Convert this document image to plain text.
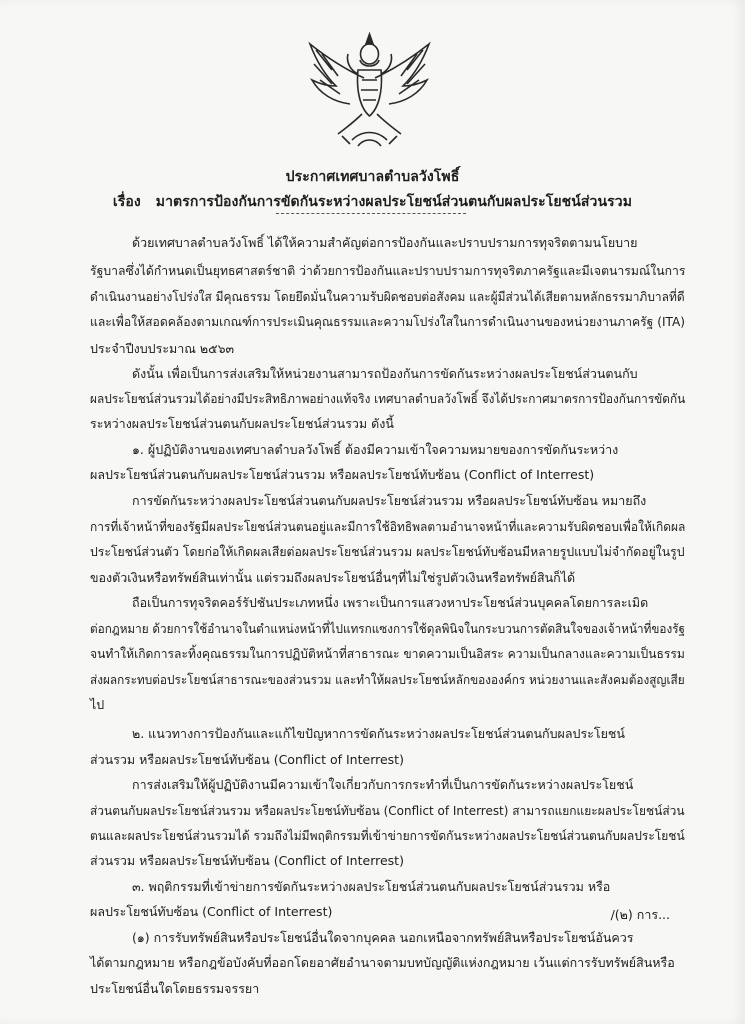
ประกาศเทศบาลตำบลวังโพธิ์
เรื่อง   มาตรการป้องกันการขัดกันระหว่างผลประโยชน์ส่วนตนกับผลประโยชน์ส่วนรวม
ด้วยเทศบาลตำบลวังโพธิ์ ได้ให้ความสำคัญต่อการป้องกันและปราบปรามการทุจริตตามนโยบาย
รัฐบาลซึ่งได้กำหนดเป็นยุทธศาสตร์ชาติ ว่าด้วยการป้องกันและปราบปรามการทุจริตภาครัฐและมีเจตนารมณ์ในการ
ดำเนินงานอย่างโปร่งใส มีคุณธรรม โดยยึดมั่นในความรับผิดชอบต่อสังคม และผู้มีส่วนได้เสียตามหลักธรรมาภิบาลที่ดี
และเพื่อให้สอดคล้องตามเกณฑ์การประเมินคุณธรรมและความโปร่งใสในการดำเนินงานของหน่วยงานภาครัฐ (ITA)
ประจำปีงบประมาณ ๒๕๖๓
ดังนั้น เพื่อเป็นการส่งเสริมให้หน่วยงานสามารถป้องกันการขัดกันระหว่างผลประโยชน์ส่วนตนกับ
ผลประโยชน์ส่วนรวมได้อย่างมีประสิทธิภาพอย่างแท้จริง เทศบาลตำบลวังโพธิ์ จึงได้ประกาศมาตรการป้องกันการขัดกัน
ระหว่างผลประโยชน์ส่วนตนกับผลประโยชน์ส่วนรวม ดังนี้
๑. ผู้ปฏิบัติงานของเทศบาลตำบลวังโพธิ์ ต้องมีความเข้าใจความหมายของการขัดกันระหว่าง
ผลประโยชน์ส่วนตนกับผลประโยชน์ส่วนรวม หรือผลประโยชน์ทับซ้อน (Conflict of Interrest)
การขัดกันระหว่างผลประโยชน์ส่วนตนกับผลประโยชน์ส่วนรวม หรือผลประโยชน์ทับซ้อน หมายถึง
การที่เจ้าหน้าที่ของรัฐมีผลประโยชน์ส่วนตนอยู่และมีการใช้อิทธิพลตามอำนาจหน้าที่และความรับผิดชอบเพื่อให้เกิดผล
ประโยชน์ส่วนตัว โดยก่อให้เกิดผลเสียต่อผลประโยชน์ส่วนรวม ผลประโยชน์ทับซ้อนมีหลายรูปแบบไม่จำกัดอยู่ในรูป
ของตัวเงินหรือทรัพย์สินเท่านั้น แต่รวมถึงผลประโยชน์อื่นๆที่ไม่ใช่รูปตัวเงินหรือทรัพย์สินก็ได้
ถือเป็นการทุจริตคอร์รัปชันประเภทหนึ่ง เพราะเป็นการแสวงหาประโยชน์ส่วนบุคคลโดยการละเมิด
ต่อกฎหมาย ด้วยการใช้อำนาจในตำแหน่งหน้าที่ไปแทรกแซงการใช้ดุลพินิจในกระบวนการตัดสินใจของเจ้าหน้าที่ของรัฐ
จนทำให้เกิดการละทิ้งคุณธรรมในการปฏิบัติหน้าที่สาธารณะ ขาดความเป็นอิสระ ความเป็นกลางและความเป็นธรรม
ส่งผลกระทบต่อประโยชน์สาธารณะของส่วนรวม และทำให้ผลประโยชน์หลักขององค์กร หน่วยงานและสังคมต้องสูญเสีย
ไป
๒. แนวทางการป้องกันและแก้ไขปัญหาการขัดกันระหว่างผลประโยชน์ส่วนตนกับผลประโยชน์
ส่วนรวม หรือผลประโยชน์ทับซ้อน (Conflict of Interrest)
การส่งเสริมให้ผู้ปฏิบัติงานมีความเข้าใจเกี่ยวกับการกระทำที่เป็นการขัดกันระหว่างผลประโยชน์
ส่วนตนกับผลประโยชน์ส่วนรวม หรือผลประโยชน์ทับซ้อน (Conflict of Interrest) สามารถแยกแยะผลประโยชน์ส่วน
ตนและผลประโยชน์ส่วนรวมได้ รวมถึงไม่มีพฤติกรรมที่เข้าข่ายการขัดกันระหว่างผลประโยชน์ส่วนตนกับผลประโยชน์
ส่วนรวม หรือผลประโยชน์ทับซ้อน (Conflict of Interrest)
๓. พฤติกรรมที่เข้าข่ายการขัดกันระหว่างผลประโยชน์ส่วนตนกับผลประโยชน์ส่วนรวม หรือ
ผลประโยชน์ทับซ้อน (Conflict of Interrest)
(๑) การรับทรัพย์สินหรือประโยชน์อื่นใดจากบุคคล นอกเหนือจากทรัพย์สินหรือประโยชน์อันควร
ได้ตามกฎหมาย หรือกฎข้อบังคับที่ออกโดยอาศัยอำนาจตามบทบัญญัติแห่งกฎหมาย เว้นแต่การรับทรัพย์สินหรือ
ประโยชน์อื่นใดโดยธรรมจรรยา
/(๒) การ...
